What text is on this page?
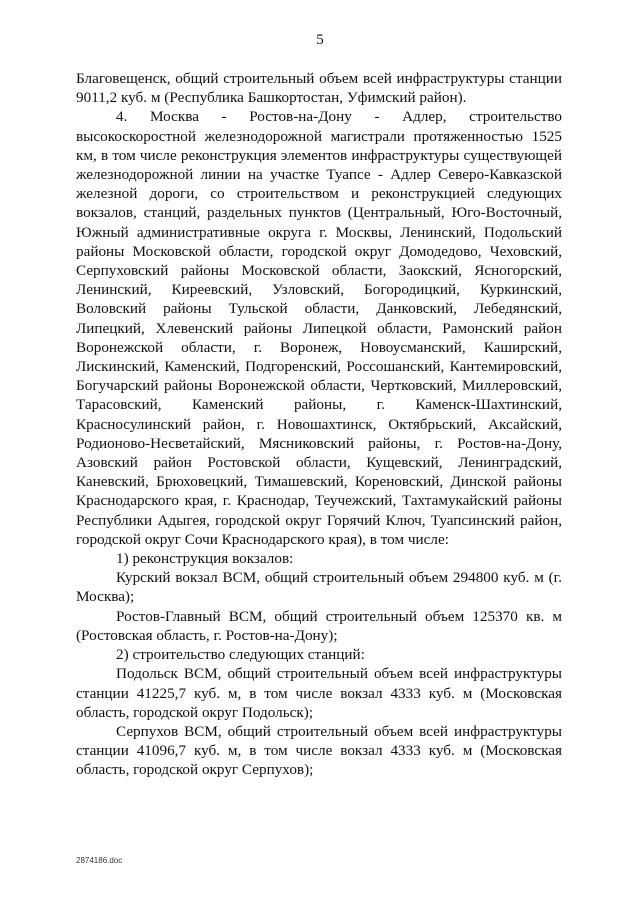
5

Благовещенск, общий строительный объем всей инфраструктуры станции 9011,2 куб. м (Республика Башкортостан, Уфимский район).

4. Москва - Ростов-на-Дону - Адлер, строительство высокоскоростной железнодорожной магистрали протяженностью 1525 км, в том числе реконструкция элементов инфраструктуры существующей железнодорожной линии на участке Туапсе - Адлер Северо-Кавказской железной дороги, со строительством и реконструкцией следующих вокзалов, станций, раздельных пунктов (Центральный, Юго-Восточный, Южный административные округа г. Москвы, Ленинский, Подольский районы Московской области, городской округ Домодедово, Чеховский, Серпуховский районы Московской области, Заокский, Ясногорский, Ленинский, Киреевский, Узловский, Богородицкий, Куркинский, Воловский районы Тульской области, Данковский, Лебедянский, Липецкий, Хлевенский районы Липецкой области, Рамонский район Воронежской области, г. Воронеж, Новоусманский, Каширский, Лискинский, Каменский, Подгоренский, Россошанский, Кантемировский, Богучарский районы Воронежской области, Чертковский, Миллеровский, Тарасовский, Каменский районы, г. Каменск-Шахтинский, Красносулинский район, г. Новошахтинск, Октябрьский, Аксайский, Родионово-Несветайский, Мясниковский районы, г. Ростов-на-Дону, Азовский район Ростовской области, Кущевский, Ленинградский, Каневский, Брюховецкий, Тимашевский, Кореновский, Динской районы Краснодарского края, г. Краснодар, Теучежский, Тахтамукайский районы Республики Адыгея, городской округ Горячий Ключ, Туапсинский район, городской округ Сочи Краснодарского края), в том числе:

1) реконструкция вокзалов:

Курский вокзал ВСМ, общий строительный объем 294800 куб. м (г. Москва);

Ростов-Главный ВСМ, общий строительный объем 125370 кв. м (Ростовская область, г. Ростов-на-Дону);

2) строительство следующих станций:

Подольск ВСМ, общий строительный объем всей инфраструктуры станции 41225,7 куб. м, в том числе вокзал 4333 куб. м (Московская область, городской округ Подольск);

Серпухов ВСМ, общий строительный объем всей инфраструктуры станции 41096,7 куб. м, в том числе вокзал 4333 куб. м (Московская область, городской округ Серпухов);

2874186.doc
